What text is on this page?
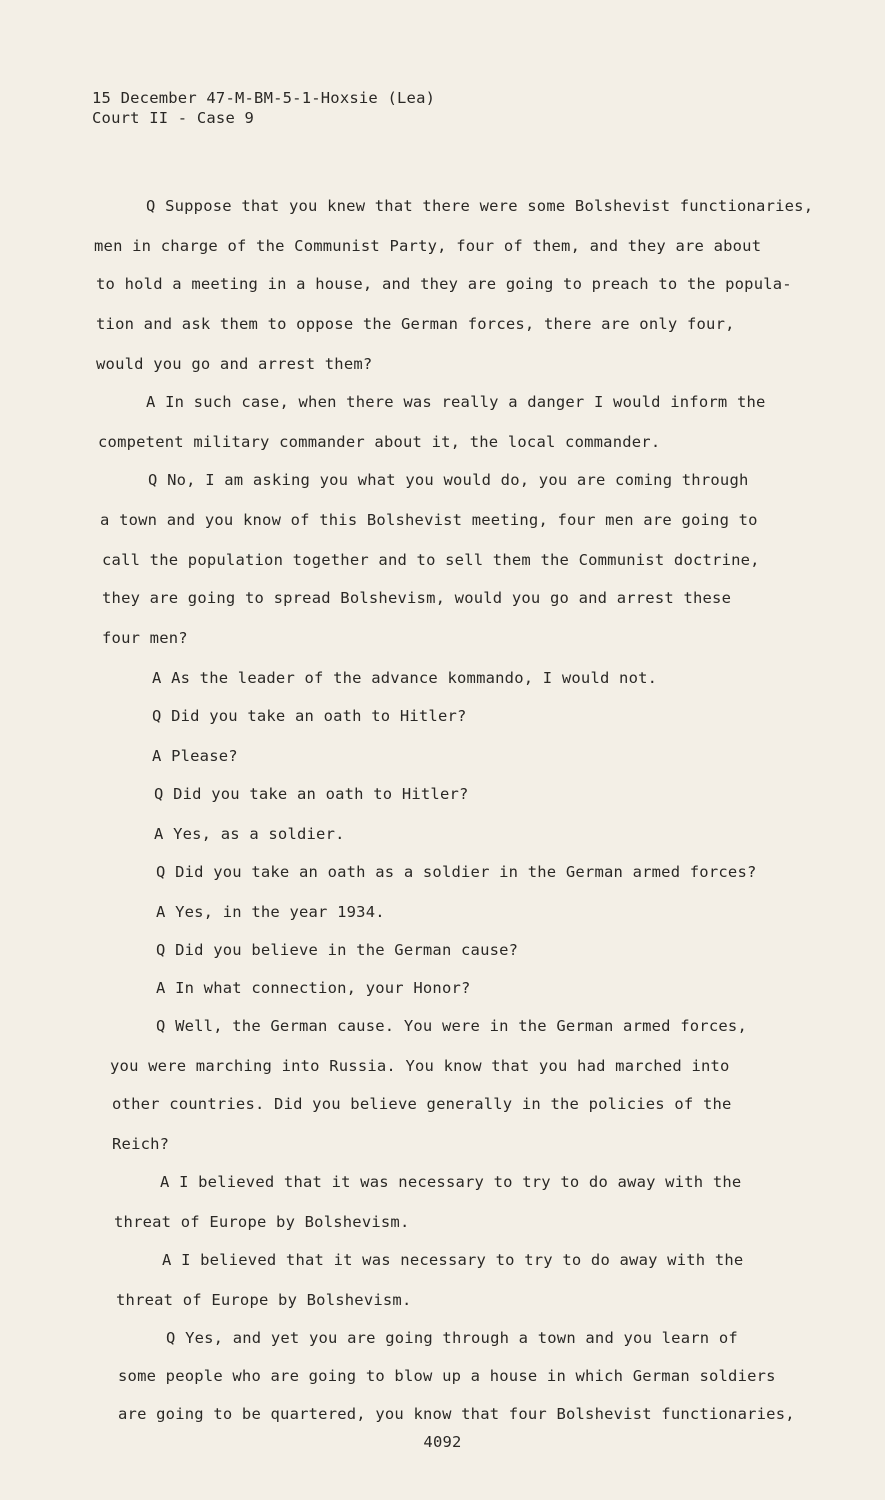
15 December 47-M-BM-5-1-Hoxsie (Lea)
Court II - Case 9
Q Suppose that you knew that there were some Bolshevist functionaries,
men in charge of the Communist Party, four of them, and they are about
to hold a meeting in a house, and they are going to preach to the popula-
tion and ask them to oppose the German forces, there are only four,
would you go and arrest them?
A In such case, when there was really a danger I would inform the
competent military commander about it, the local commander.
Q No, I am asking you what you would do, you are coming through
a town and you know of this Bolshevist meeting, four men are going to
call the population together and to sell them the Communist doctrine,
they are going to spread Bolshevism, would you go and arrest these
four men?
A As the leader of the advance kommando, I would not.
Q Did you take an oath to Hitler?
A Please?
Q Did you take an oath to Hitler?
A Yes, as a soldier.
Q Did you take an oath as a soldier in the German armed forces?
A Yes, in the year 1934.
Q Did you believe in the German cause?
A In what connection, your Honor?
Q Well, the German cause. You were in the German armed forces,
you were marching into Russia. You know that you had marched into
other countries. Did you believe generally in the policies of the
Reich?
A I believed that it was necessary to try to do away with the
threat of Europe by Bolshevism.
A I believed that it was necessary to try to do away with the
threat of Europe by Bolshevism.
Q Yes, and yet you are going through a town and you learn of
some people who are going to blow up a house in which German soldiers
are going to be quartered, you know that four Bolshevist functionaries,
4092
